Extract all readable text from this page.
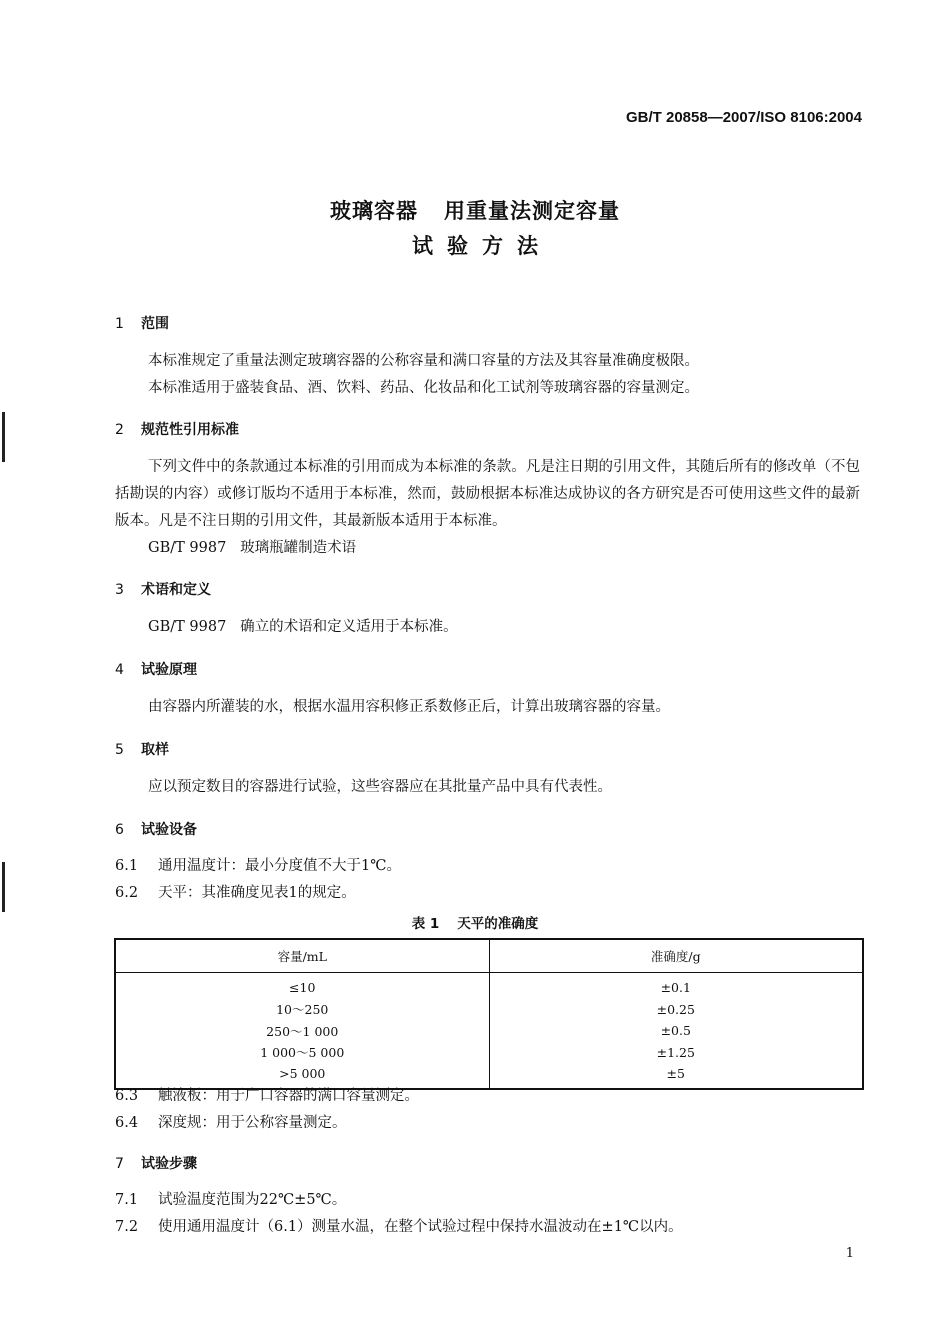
GB/T 20858—2007/ISO 8106:2004
玻璃容器 用重量法测定容量
试验方法
1 范围
本标准规定了重量法测定玻璃容器的公称容量和满口容量的方法及其容量准确度极限。
本标准适用于盛装食品、酒、饮料、药品、化妆品和化工试剂等玻璃容器的容量测定。
2 规范性引用标准
下列文件中的条款通过本标准的引用而成为本标准的条款。凡是注日期的引用文件，其随后所有的修改单（不包括勘误的内容）或修订版均不适用于本标准，然而，鼓励根据本标准达成协议的各方研究是否可使用这些文件的最新版本。凡是不注日期的引用文件，其最新版本适用于本标准。
GB/T 9987 玻璃瓶罐制造术语
3 术语和定义
GB/T 9987 确立的术语和定义适用于本标准。
4 试验原理
由容器内所灌装的水，根据水温用容积修正系数修正后，计算出玻璃容器的容量。
5 取样
应以预定数目的容器进行试验，这些容器应在其批量产品中具有代表性。
6 试验设备
6.1 通用温度计：最小分度值不大于1℃。
6.2 天平：其准确度见表1的规定。
表 1 天平的准确度
容量/mL	准确度/g
≤10	±0.1
10～250	±0.25
250～1 000	±0.5
1 000～5 000	±1.25
>5 000	±5
6.3 触液板：用于广口容器的满口容量测定。
6.4 深度规：用于公称容量测定。
7 试验步骤
7.1 试验温度范围为22℃±5℃。
7.2 使用通用温度计（6.1）测量水温，在整个试验过程中保持水温波动在±1℃以内。
1
